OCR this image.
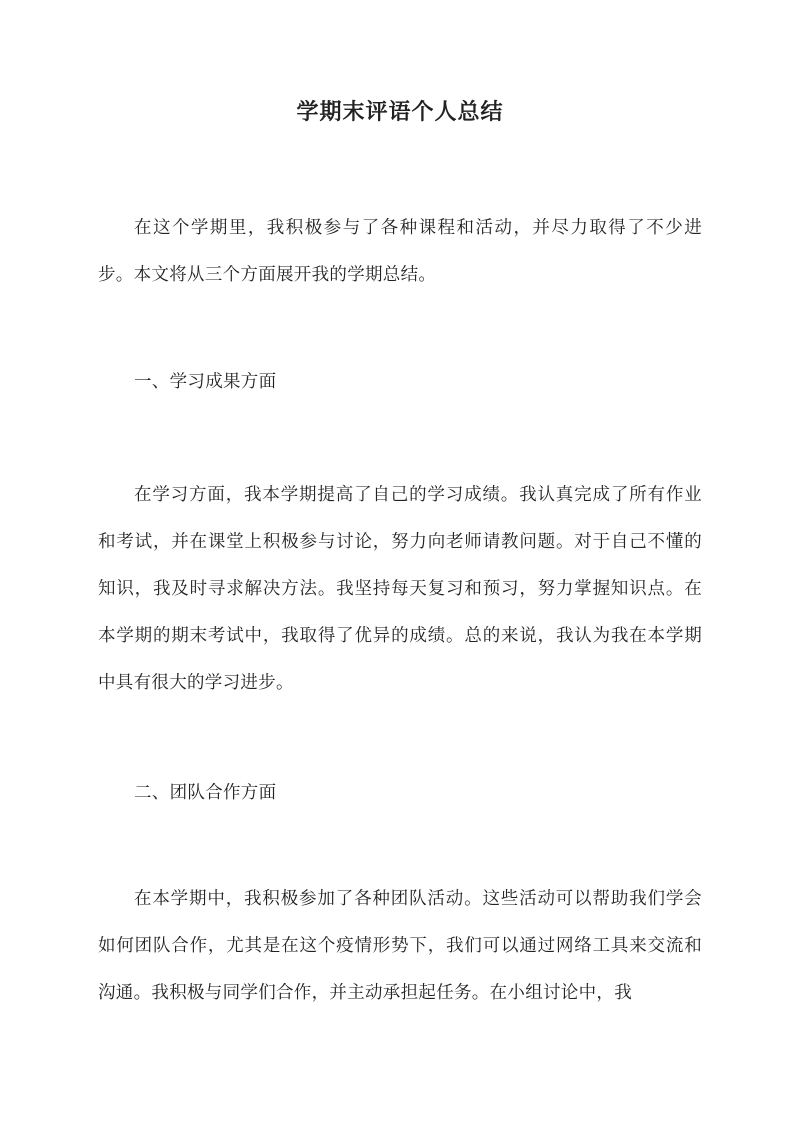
学期末评语个人总结

在这个学期里，我积极参与了各种课程和活动，并尽力取得了不少进步。本文将从三个方面展开我的学期总结。

一、学习成果方面

在学习方面，我本学期提高了自己的学习成绩。我认真完成了所有作业和考试，并在课堂上积极参与讨论，努力向老师请教问题。对于自己不懂的知识，我及时寻求解决方法。我坚持每天复习和预习，努力掌握知识点。在本学期的期末考试中，我取得了优异的成绩。总的来说，我认为我在本学期中具有很大的学习进步。

二、团队合作方面

在本学期中，我积极参加了各种团队活动。这些活动可以帮助我们学会如何团队合作，尤其是在这个疫情形势下，我们可以通过网络工具来交流和沟通。我积极与同学们合作，并主动承担起任务。在小组讨论中，我
